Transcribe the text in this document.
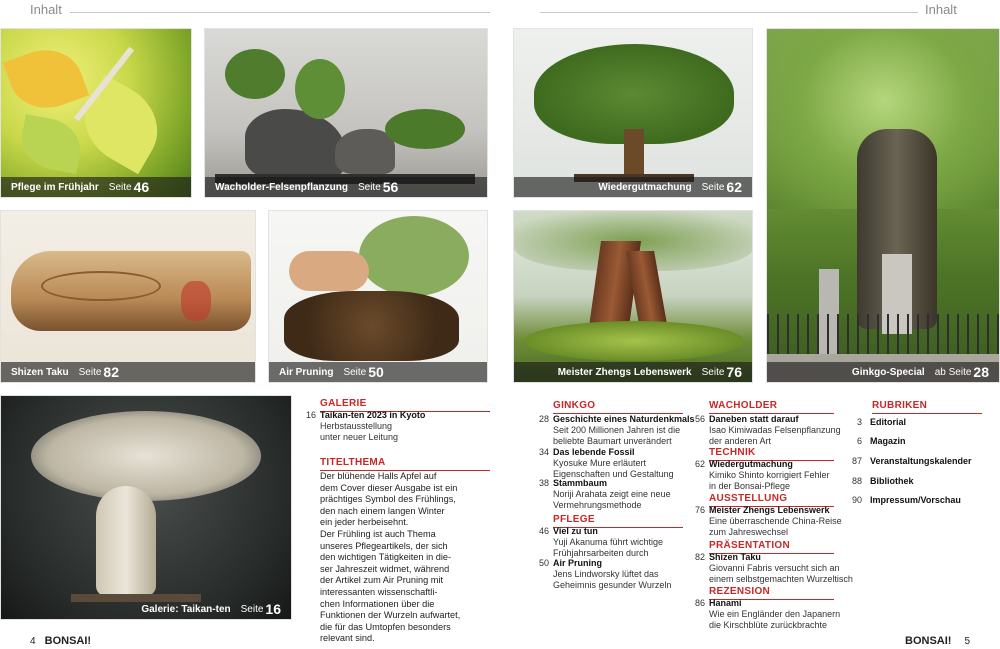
Inhalt	Inhalt
Pflege im Frühjahr Seite 46	Wacholder-Felsenpflanzung Seite 56
Shizen Taku Seite 82	Air Pruning Seite 50
Galerie: Taikan-ten Seite 16
Wiedergutmachung Seite 62
Meister Zhengs Lebenswerk Seite 76	Ginkgo-Special ab Seite 28
GALERIE
16 Taikan-ten 2023 in Kyoto
Herbstausstellung
unter neuer Leitung
TITELTHEMA
Der blühende Halls Apfel auf
dem Cover dieser Ausgabe ist ein
prächtiges Symbol des Frühlings,
den nach einem langen Winter
ein jeder herbeisehnt.
Der Frühling ist auch Thema
unseres Pflegeartikels, der sich
den wichtigen Tätigkeiten in die-
ser Jahreszeit widmet, während
der Artikel zum Air Pruning mit
interessanten wissenschaftli-
chen Informationen über die
Funktionen der Wurzeln aufwartet,
die für das Umtopfen besonders
relevant sind.
GINKGO
28 Geschichte eines Naturdenkmals
Seit 200 Millionen Jahren ist die
beliebte Baumart unverändert
34 Das lebende Fossil
Kyosuke Mure erläutert
Eigenschaften und Gestaltung
38 Stammbaum
Noriji Arahata zeigt eine neue
Vermehrungsmethode
PFLEGE
46 Viel zu tun
Yuji Akanuma führt wichtige
Frühjahrsarbeiten durch
50 Air Pruning
Jens Lindworsky lüftet das
Geheimnis gesunder Wurzeln
WACHOLDER
56 Daneben statt darauf
Isao Kimiwadas Felsenpflanzung
der anderen Art
TECHNIK
62 Wiedergutmachung
Kimiko Shinto korrigiert Fehler
in der Bonsai-Pflege
AUSSTELLUNG
76 Meister Zhengs Lebenswerk
Eine überraschende China-Reise
zum Jahreswechsel
PRÄSENTATION
82 Shizen Taku
Giovanni Fabris versucht sich an
einem selbstgemachten Wurzeltisch
REZENSION
86 Hanami
Wie ein Engländer den Japanern
die Kirschblüte zurückbrachte
RUBRIKEN
3 Editorial
6 Magazin
87 Veranstaltungskalender
88 Bibliothek
90 Impressum/Vorschau
4 BONSAI!	BONSAI! 5
